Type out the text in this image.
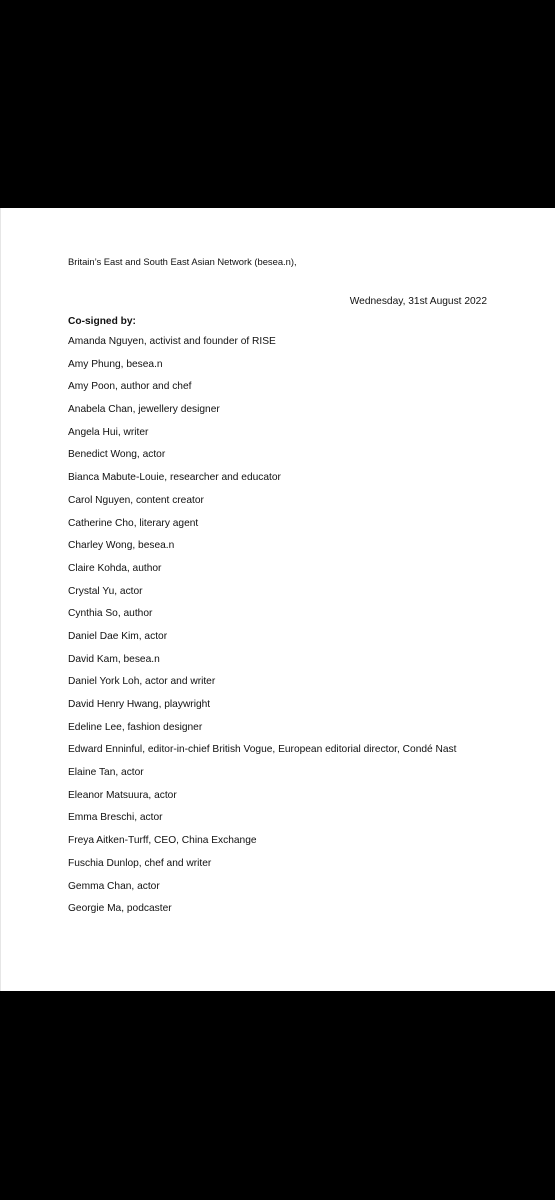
Britain’s East and South East Asian Network (besea.n),
Wednesday, 31st August 2022
Co-signed by:
Amanda Nguyen, activist and founder of RISE
Amy Phung, besea.n
Amy Poon, author and chef
Anabela Chan, jewellery designer
Angela Hui, writer
Benedict Wong, actor
Bianca Mabute-Louie, researcher and educator
Carol Nguyen, content creator
Catherine Cho, literary agent
Charley Wong, besea.n
Claire Kohda, author
Crystal Yu, actor
Cynthia So, author
Daniel Dae Kim, actor
David Kam, besea.n
Daniel York Loh, actor and writer
David Henry Hwang, playwright
Edeline Lee, fashion designer
Edward Enninful, editor-in-chief British Vogue, European editorial director, Condé Nast
Elaine Tan, actor
Eleanor Matsuura, actor
Emma Breschi, actor
Freya Aitken-Turff, CEO, China Exchange
Fuschia Dunlop, chef and writer
Gemma Chan, actor
Georgie Ma, podcaster
